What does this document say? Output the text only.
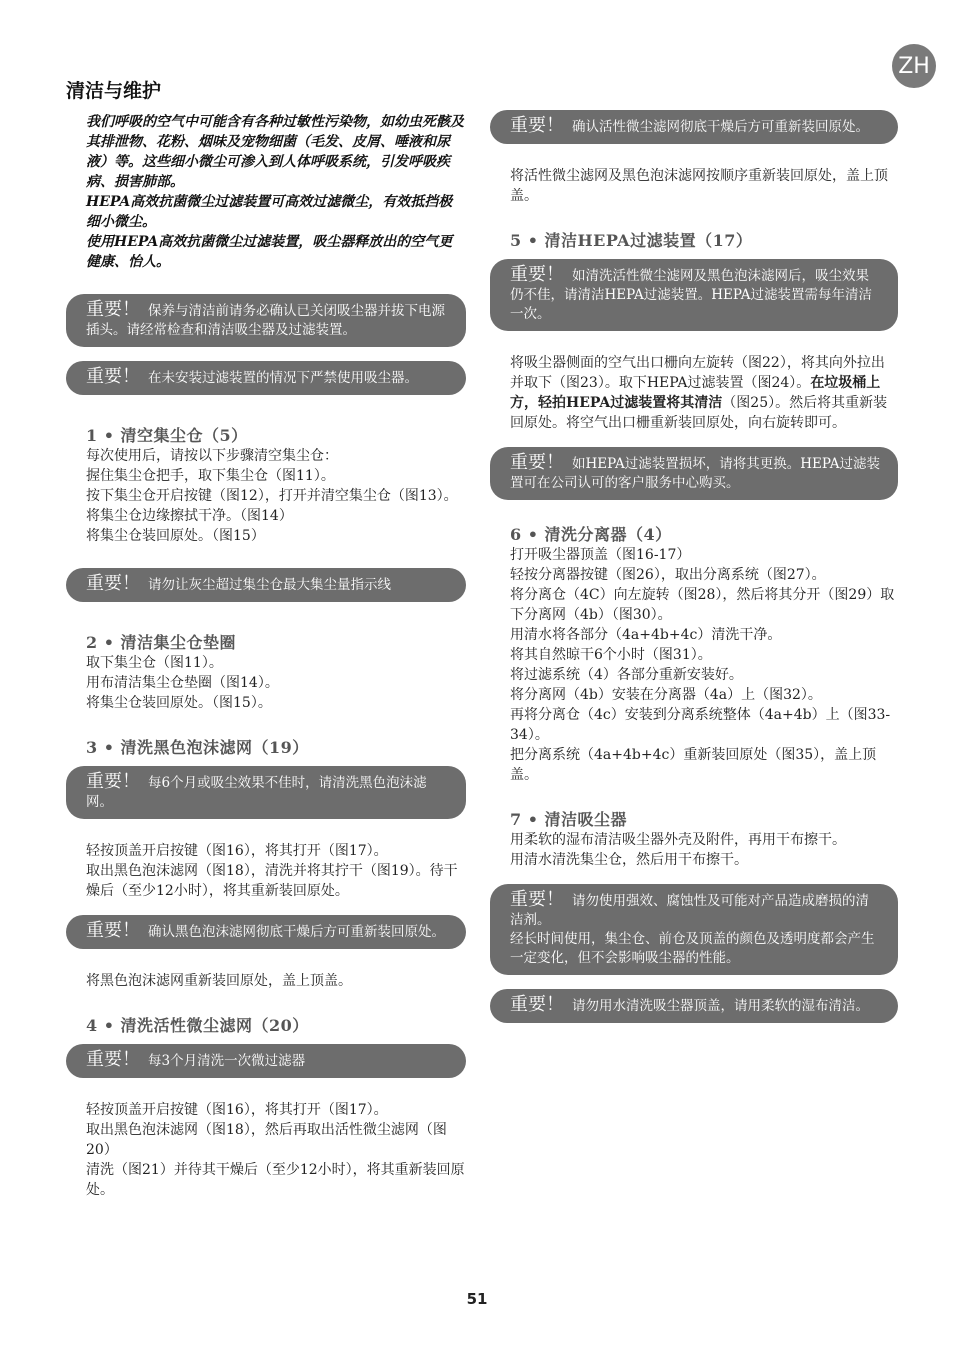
ZH
清洁与维护

我们呼吸的空气中可能含有各种过敏性污染物，如幼虫死骸及其排泄物、花粉、烟味及宠物细菌（毛发、皮屑、唾液和尿液）等。这些细小微尘可渗入到人体呼吸系统，引发呼吸疾病、损害肺部。

HEPA高效抗菌微尘过滤装置可高效过滤微尘，有效抵挡极细小微尘。

使用HEPA高效抗菌微尘过滤装置，吸尘器释放出的空气更健康、怡人。

重要！ 保养与清洁前请务必确认已关闭吸尘器并拔下电源插头。请经常检查和清洁吸尘器及过滤装置。
重要！ 在未安装过滤装置的情况下严禁使用吸尘器。
1 • 清空集尘仓（5）

每次使用后，请按以下步骤清空集尘仓：

握住集尘仓把手，取下集尘仓（图11）。

按下集尘仓开启按键（图12），打开并清空集尘仓（图13）。

将集尘仓边缘擦拭干净。（图14）

将集尘仓装回原处。（图15）

重要！ 请勿让灰尘超过集尘仓最大集尘量指示线
2 • 清洁集尘仓垫圈

取下集尘仓（图11）。

用布清洁集尘仓垫圈（图14）。

将集尘仓装回原处。（图15）。

3 • 清洗黑色泡沫滤网（19）
重要！ 每6个月或吸尘效果不佳时，请清洗黑色泡沫滤网。

轻按顶盖开启按键（图16），将其打开（图17）。

取出黑色泡沫滤网（图18），清洗并将其拧干（图19）。待干燥后（至少12小时），将其重新装回原处。

重要！ 确认黑色泡沫滤网彻底干燥后方可重新装回原处。

将黑色泡沫滤网重新装回原处，盖上顶盖。

4 • 清洗活性微尘滤网（20）
重要！ 每3个月清洗一次微过滤器

轻按顶盖开启按键（图16），将其打开（图17）。

取出黑色泡沫滤网（图18），然后再取出活性微尘滤网（图20）

清洗（图21）并待其干燥后（至少12小时），将其重新装回原处。

重要！ 确认活性微尘滤网彻底干燥后方可重新装回原处。

将活性微尘滤网及黑色泡沫滤网按顺序重新装回原处，盖上顶盖。

5 • 清洁HEPA过滤装置（17）
重要！ 如清洗活性微尘滤网及黑色泡沫滤网后，吸尘效果仍不佳，请清洁HEPA过滤装置。HEPA过滤装置需每年清洁一次。

将吸尘器侧面的空气出口栅向左旋转（图22），将其向外拉出并取下（图23）。取下HEPA过滤装置（图24）。在垃圾桶上方，轻拍HEPA过滤装置将其清洁（图25）。然后将其重新装回原处。将空气出口栅重新装回原处，向右旋转即可。

重要！ 如HEPA过滤装置损坏，请将其更换。HEPA过滤装置可在公司认可的客户服务中心购买。
6 • 清洗分离器（4）

打开吸尘器顶盖（图16-17）

轻按分离器按键（图26），取出分离系统（图27）。

将分离仓（4C）向左旋转（图28），然后将其分开（图29）取下分离网（4b）（图30）。

用清水将各部分（4a+4b+4c）清洗干净。

将其自然晾干6个小时（图31）。

将过滤系统（4）各部分重新安装好。

将分离网（4b）安装在分离器（4a）上（图32）。

再将分离仓（4c）安装到分离系统整体（4a+4b）上（图33-34）。

把分离系统（4a+4b+4c）重新装回原处（图35），盖上顶盖。

7 • 清洁吸尘器

用柔软的湿布清洁吸尘器外壳及附件，再用干布擦干。

用清水清洗集尘仓，然后用干布擦干。

重要！ 请勿使用强效、腐蚀性及可能对产品造成磨损的清洁剂。

经长时间使用，集尘仓、前仓及顶盖的颜色及透明度都会产生一定变化，但不会影响吸尘器的性能。

重要！ 请勿用水清洗吸尘器顶盖，请用柔软的湿布清洁。
51
